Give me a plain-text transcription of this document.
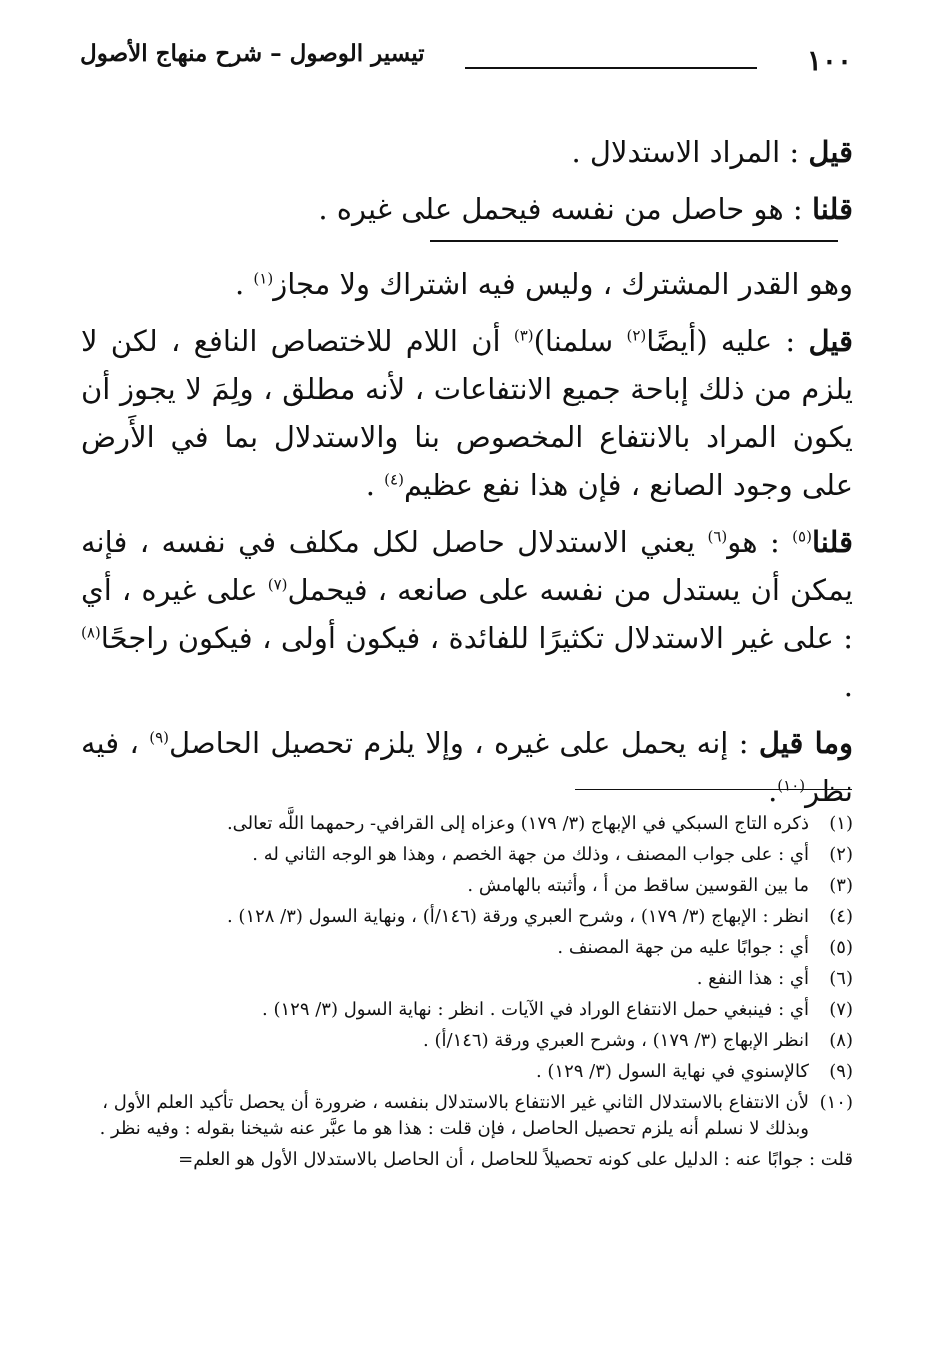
١٠٠
تيسير الوصول – شرح منهاج الأصول

قيل : المراد الاستدلال .

قلنا : هو حاصل من نفسه فيحمل على غيره .

وهو القدر المشترك ، وليس فيه اشتراك ولا مجاز$^{(١)}$ .

قيل : عليه (أيضًا$^{(٢)}$ سلمنا)$^{(٣)}$ أن اللام للاختصاص النافع ، لكن لا يلزم من ذلك إباحة جميع الانتفاعات ، لأنه مطلق ، ولِمَ لا يجوز أن يكون المراد بالانتفاع المخصوص بنا والاستدلال بما في الأَرض على وجود الصانع ، فإن هذا نفع عظيم$^{(٤)}$ .

قلنا$^{(٥)}$ : هو$^{(٦)}$ يعني الاستدلال حاصل لكل مكلف في نفسه ، فإنه يمكن أن يستدل من نفسه على صانعه ، فيحمل$^{(٧)}$ على غيره ، أي : على غير الاستدلال تكثيرًا للفائدة ، فيكون أولى ، فيكون راجحًا$^{(٨)}$ .

وما قيل : إنه يحمل على غيره ، وإلا يلزم تحصيل الحاصل$^{(٩)}$ ، فيه نظر$^{(١٠)}$.

(١)
ذكره التاج السبكي في الإبهاج (٣/ ١٧٩) وعزاه إلى القرافي- رحمهما اللَّه تعالى.
(٢)
أي : على جواب المصنف ، وذلك من جهة الخصم ، وهذا هو الوجه الثاني له .
(٣)
ما بين القوسين ساقط من أ ، وأثبته بالهامش .
(٤)
انظر : الإبهاج (٣/ ١٧٩) ، وشرح العبري ورقة (١٤٦/أ) ، ونهاية السول (٣/ ١٢٨) .
(٥)
أي : جوابًا عليه من جهة المصنف .
(٦)
أي : هذا النفع .
(٧)
أي : فينبغي حمل الانتفاع الوراد في الآيات . انظر : نهاية السول (٣/ ١٢٩) .
(٨)
انظر الإبهاج (٣/ ١٧٩) ، وشرح العبري ورقة (١٤٦/أ) .
(٩)
كالإسنوي في نهاية السول (٣/ ١٢٩) .
(١٠)
لأن الانتفاع بالاستدلال الثاني غير الانتفاع بالاستدلال بنفسه ، ضرورة أن يحصل تأكيد العلم الأول ، وبذلك لا نسلم أنه يلزم تحصيل الحاصل ، فإن قلت : هذا هو ما عبَّر عنه شيخنا بقوله : وفيه نظر .

قلت : جوابًا عنه : الدليل على كونه تحصيلاً للحاصل ، أن الحاصل بالاستدلال الأول هو العلم=
